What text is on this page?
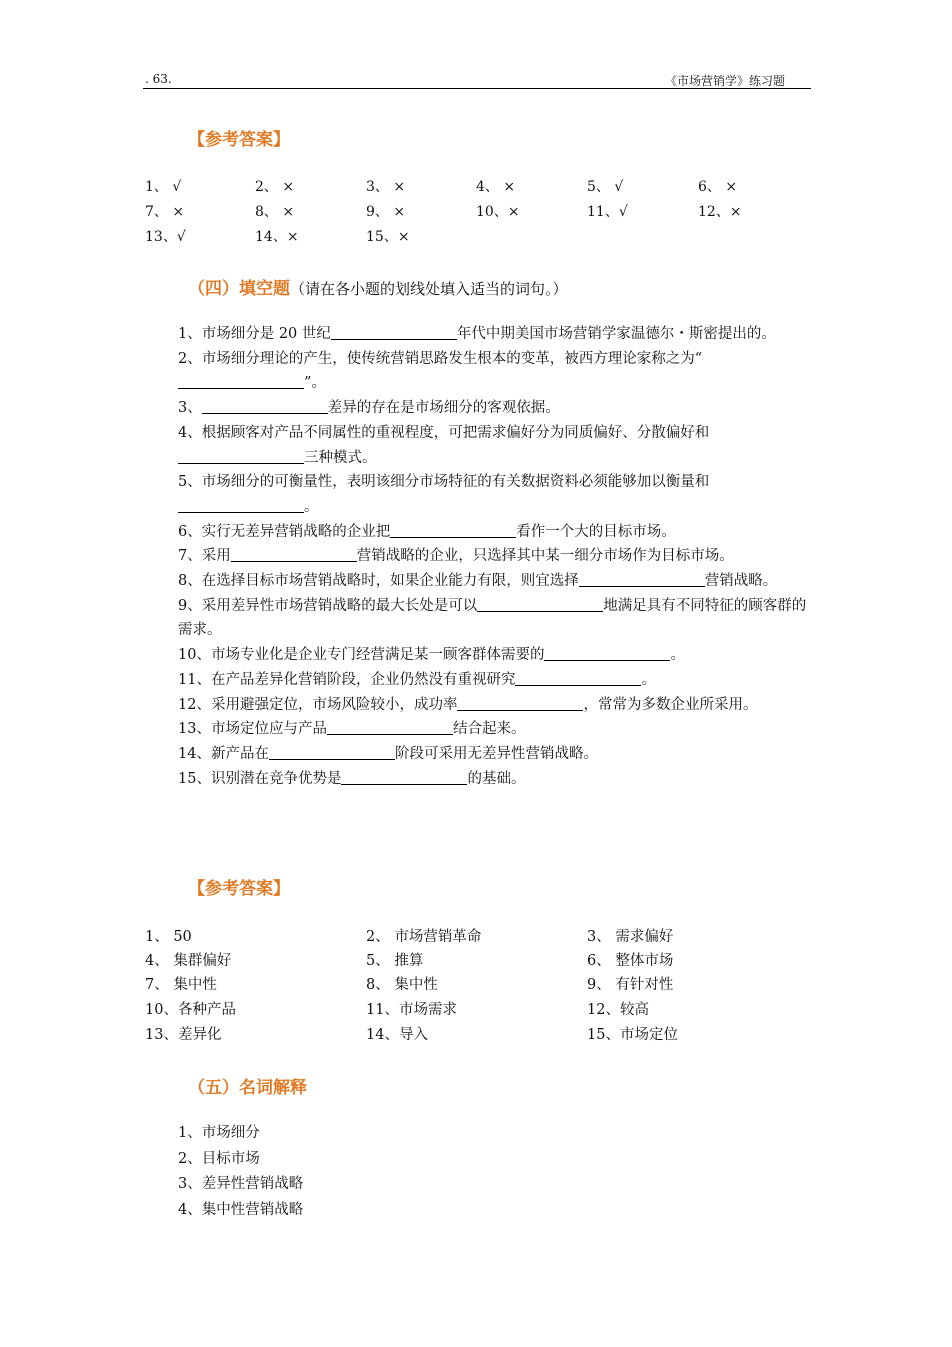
. 63.	《市场营销学》练习题
【参考答案】
1、 √	2、 ×	3、 ×	4、 ×	5、 √	6、 ×
7、 ×	8、 ×	9、 ×	10、×	11、√	12、×
13、√	14、×	15、×
（四）填空题（请在各小题的划线处填入适当的词句。）

1、市场细分是 20 世纪	年代中期美国市场营销学家温德尔・斯密提出的。

2、市场细分理论的产生，使传统营销思路发生根本的变革，被西方理论家称之为“”。

3、	差异的存在是市场细分的客观依据。

4、根据顾客对产品不同属性的重视程度，可把需求偏好分为同质偏好、分散偏好和三种模式。

5、市场细分的可衡量性，表明该细分市场特征的有关数据资料必须能够加以衡量和。

6、实行无差异营销战略的企业把	看作一个大的目标市场。

7、采用	营销战略的企业，只选择其中某一细分市场作为目标市场。

8、在选择目标市场营销战略时，如果企业能力有限，则宜选择	营销战略。

9、采用差异性市场营销战略的最大长处是可以	地满足具有不同特征的顾客群的需求。

10、市场专业化是企业专门经营满足某一顾客群体需要的	。

11、在产品差异化营销阶段，企业仍然没有重视研究	。

12、采用避强定位，市场风险较小，成功率	，常常为多数企业所采用。

13、市场定位应与产品	结合起来。

14、新产品在	阶段可采用无差异性营销战略。

15、识别潜在竞争优势是	的基础。

【参考答案】
1、 50	2、 市场营销革命	3、 需求偏好
4、 集群偏好	5、 推算	6、 整体市场
7、 集中性	8、 集中性	9、 有针对性
10、各种产品	11、市场需求	12、较高
13、差异化	14、导入	15、市场定位
（五）名词解释
1、市场细分
2、目标市场
3、差异性营销战略
4、集中性营销战略
